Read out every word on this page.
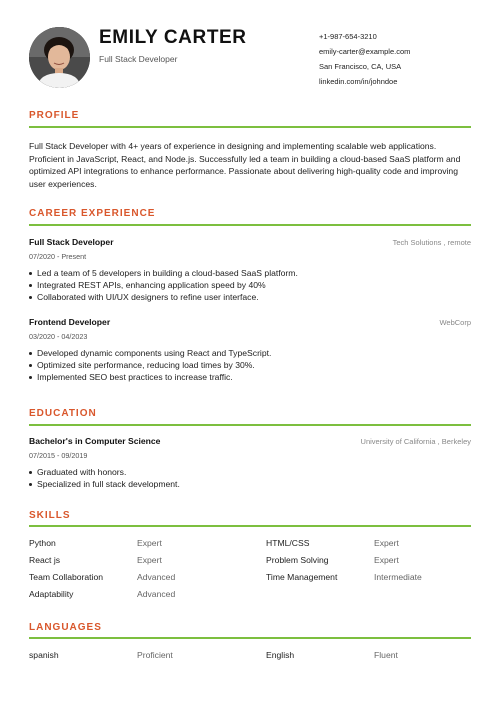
EMILY CARTER
Full Stack Developer
+1-987-654-3210
emily-carter@example.com
San Francisco, CA, USA
linkedin.com/in/johndoe
PROFILE

Full Stack Developer with 4+ years of experience in designing and implementing scalable web applications. Proficient in JavaScript, React, and Node.js. Successfully led a team in building a cloud-based SaaS platform and optimized API integrations to enhance performance. Passionate about delivering high-quality code and improving user experiences.

CAREER EXPERIENCE
Full Stack Developer	Tech Solutions , remote
07/2020 - Present
Led a team of 5 developers in building a cloud-based SaaS platform.
Integrated REST APIs, enhancing application speed by 40%
Collaborated with UI/UX designers to refine user interface.
Frontend Developer	WebCorp
03/2020 - 04/2023
Developed dynamic components using React and TypeScript.
Optimized site performance, reducing load times by 30%.
Implemented SEO best practices to increase traffic.
EDUCATION
Bachelor's in Computer Science	University of California , Berkeley
07/2015 - 09/2019
Graduated with honors.
Specialized in full stack development.
SKILLS
Python	Expert	HTML/CSS	Expert
React js	Expert	Problem Solving	Expert
Team Collaboration	Advanced	Time Management	Intermediate
Adaptability	Advanced
LANGUAGES
spanish	Proficient	English	Fluent
